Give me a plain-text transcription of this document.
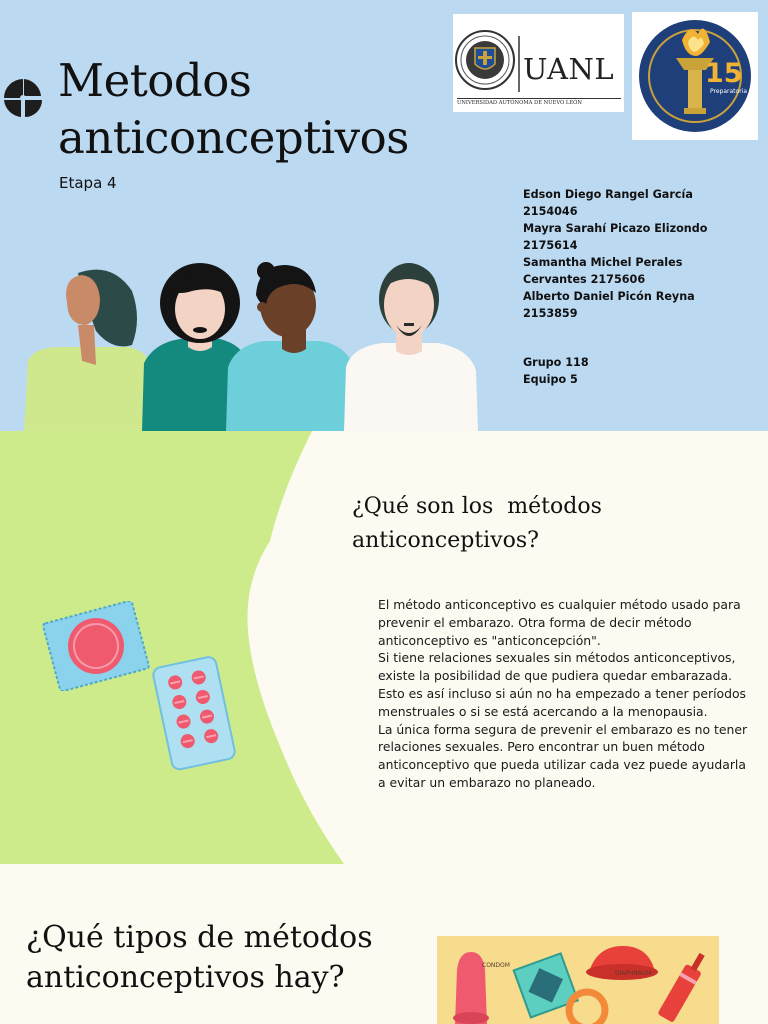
Metodos
anticonceptivos
Etapa 4
UANL
UNIVERSIDAD AUTÓNOMA DE NUEVO LEÓN
15
Preparatoria
Edson Diego Rangel García
2154046
Mayra Sarahí Picazo Elizondo
2175614
Samantha Michel Perales
Cervantes 2175606
Alberto Daniel Picón Reyna
2153859
Grupo 118
Equipo 5
¿Qué son los  métodos
anticonceptivos?

El método anticonceptivo es cualquier método usado para prevenir el embarazo. Otra forma de decir método anticonceptivo es "anticoncepción".

Si tiene relaciones sexuales sin métodos anticonceptivos, existe la posibilidad de que pudiera quedar embarazada. Esto es así incluso si aún no ha empezado a tener períodos menstruales o si se está acercando a la menopausia.

La única forma segura de prevenir el embarazo es no tener relaciones sexuales. Pero encontrar un buen método anticonceptivo que pueda utilizar cada vez puede ayudarla a evitar un embarazo no planeado.

¿Qué tipos de métodos
anticonceptivos hay?	CONDOM
DIAPHRAGM
